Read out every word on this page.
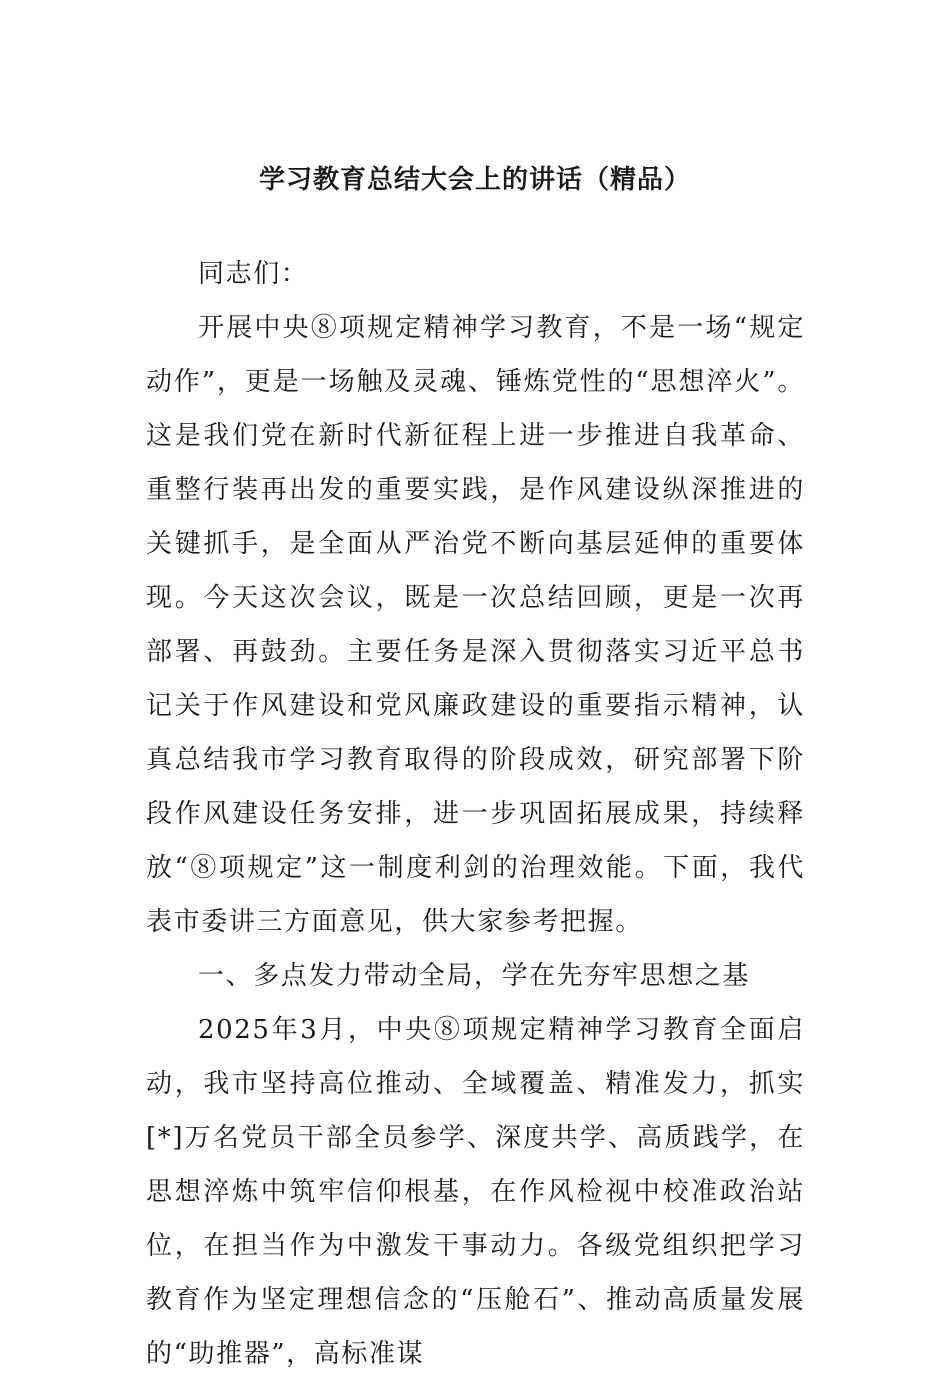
学习教育总结大会上的讲话（精品）

同志们：

开展中央⑧项规定精神学习教育，不是一场“规定动作”，更是一场触及灵魂、锤炼党性的“思想淬火”。这是我们党在新时代新征程上进一步推进自我革命、重整行装再出发的重要实践，是作风建设纵深推进的关键抓手，是全面从严治党不断向基层延伸的重要体现。今天这次会议，既是一次总结回顾，更是一次再部署、再鼓劲。主要任务是深入贯彻落实习近平总书记关于作风建设和党风廉政建设的重要指示精神，认真总结我市学习教育取得的阶段成效，研究部署下阶段作风建设任务安排，进一步巩固拓展成果，持续释放“⑧项规定”这一制度利剑的治理效能。下面，我代表市委讲三方面意见，供大家参考把握。

一、多点发力带动全局，学在先夯牢思想之基

2025年3月，中央⑧项规定精神学习教育全面启动，我市坚持高位推动、全域覆盖、精准发力，抓实[*]万名党员干部全员参学、深度共学、高质践学，在思想淬炼中筑牢信仰根基，在作风检视中校准政治站位，在担当作为中激发干事动力。各级党组织把学习教育作为坚定理想信念的“压舱石”、推动高质量发展的“助推器”，高标准谋
